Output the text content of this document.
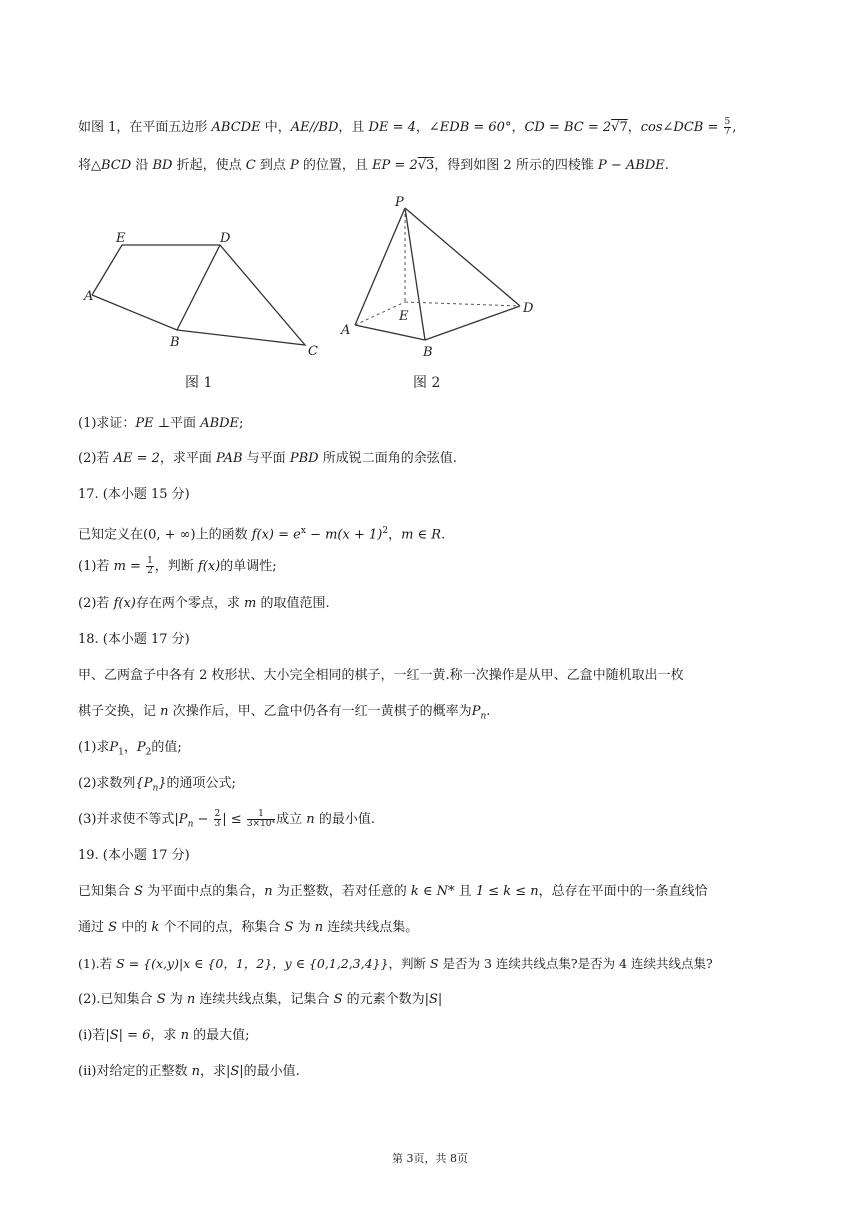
如图 1，在平面五边形 ABCDE 中，AE//BD，且 DE = 4，∠EDB = 60°，CD = BC = 2√7，cos∠DCB = $\frac{5}{7}$ ,
将△BCD 沿 BD 折起，使点 C 到点 P 的位置，且 EP = 2√3，得到如图 2 所示的四棱锥 P − ABDE.
E	D
A
B
C
图 1
P
E
D
A
B
图 2
(1)求证：PE ⊥平面 ABDE;
(2)若 AE = 2，求平面 PAB 与平面 PBD 所成锐二面角的余弦值.
17. (本小题 15 分)
已知定义在(0, + ∞)上的函数 $f(x) = e^x - m(x + 1)^2$，m ∈ R.
(1)若 $m = \frac{1}{2}$ ，判断 f(x)的单调性;
(2)若 f(x)存在两个零点，求 m 的取值范围.
18. (本小题 17 分)
甲、乙两盒子中各有 2 枚形状、大小完全相同的棋子，一红一黄.称一次操作是从甲、乙盒中随机取出一枚
棋子交换，记 n 次操作后，甲、乙盒中仍各有一红一黄棋子的概率为$P_n$.
(1)求$P_1$，$P_2$的值;
(2)求数列$\{P_n\}$的通项公式;
(3)并求使不等式$|P_n - \frac{2}{3}$ | ≤ $\frac{1}{\text{3×10⁴}}$ 成立 n 的最小值.
19. (本小题 17 分)
已知集合 S 为平面中点的集合，n 为正整数，若对任意的 k ∈ N* 且 1 ≤ k ≤ n，总存在平面中的一条直线恰
通过 S 中的 k 个不同的点，称集合 S 为 n 连续共线点集。
(1).若 S = {(x,y)|x ∈ {0，1，2}，y ∈ {0,1,2,3,4}}，判断 S 是否为 3 连续共线点集?是否为 4 连续共线点集?
(2).已知集合 S 为 n 连续共线点集，记集合 S 的元素个数为|S|
(ⅰ)若|S| = 6，求 n 的最大值;
(ⅱ)对给定的正整数 n，求|S|的最小值.
第 3页，共 8页
